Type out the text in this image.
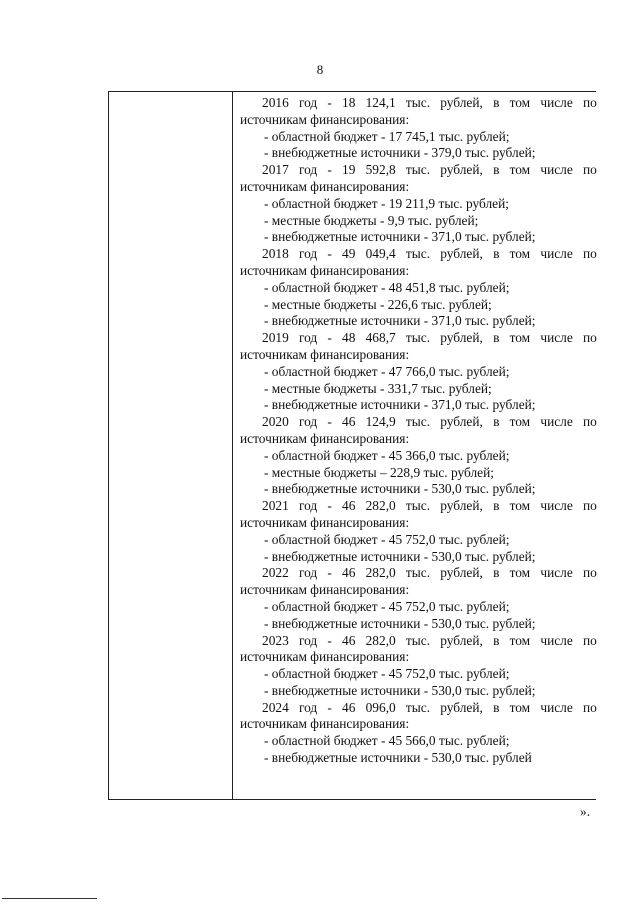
8
2016 год - 18 124,1 тыс. рублей, в том числе по
источникам финансирования:
- областной бюджет - 17 745,1 тыс. рублей;
- внебюджетные источники - 379,0 тыс. рублей;
2017 год - 19 592,8 тыс. рублей, в том числе по
источникам финансирования:
- областной бюджет - 19 211,9 тыс. рублей;
- местные бюджеты - 9,9 тыс. рублей;
- внебюджетные источники - 371,0 тыс. рублей;
2018 год - 49 049,4 тыс. рублей, в том числе по
источникам финансирования:
- областной бюджет - 48 451,8 тыс. рублей;
- местные бюджеты - 226,6 тыс. рублей;
- внебюджетные источники - 371,0 тыс. рублей;
2019 год - 48 468,7 тыс. рублей, в том числе по
источникам финансирования:
- областной бюджет - 47 766,0 тыс. рублей;
- местные бюджеты - 331,7 тыс. рублей;
- внебюджетные источники - 371,0 тыс. рублей;
2020 год - 46 124,9 тыс. рублей, в том числе по
источникам финансирования:
- областной бюджет - 45 366,0 тыс. рублей;
- местные бюджеты – 228,9 тыс. рублей;
- внебюджетные источники - 530,0 тыс. рублей;
2021 год - 46 282,0 тыс. рублей, в том числе по
источникам финансирования:
- областной бюджет - 45 752,0 тыс. рублей;
- внебюджетные источники - 530,0 тыс. рублей;
2022 год - 46 282,0 тыс. рублей, в том числе по
источникам финансирования:
- областной бюджет - 45 752,0 тыс. рублей;
- внебюджетные источники - 530,0 тыс. рублей;
2023 год - 46 282,0 тыс. рублей, в том числе по
источникам финансирования:
- областной бюджет - 45 752,0 тыс. рублей;
- внебюджетные источники - 530,0 тыс. рублей;
2024 год - 46 096,0 тыс. рублей, в том числе по
источникам финансирования:
- областной бюджет - 45 566,0 тыс. рублей;
- внебюджетные источники - 530,0 тыс. рублей
».
